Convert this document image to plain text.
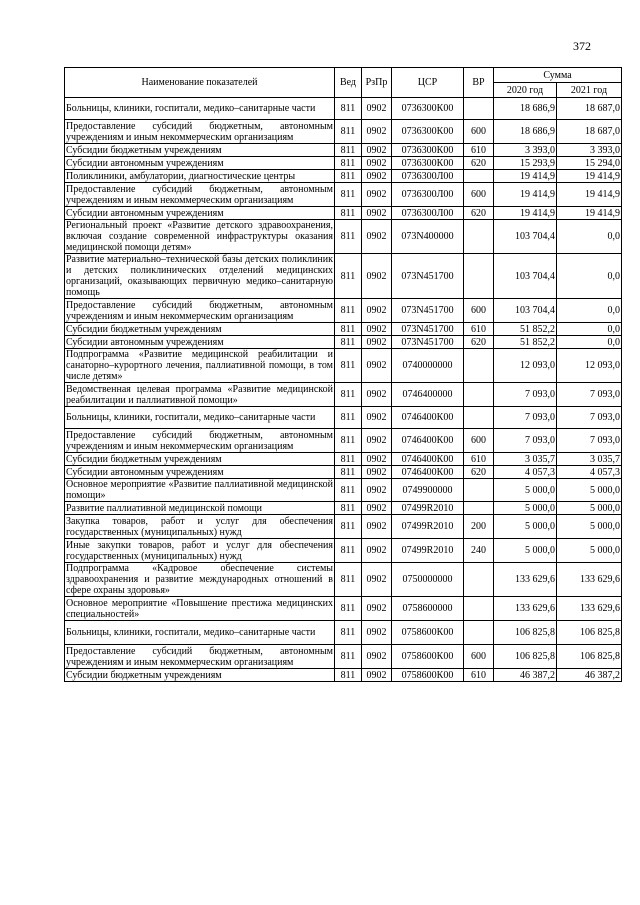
372
Наименование показателей	Вед	РзПр	ЦСР	ВР	Сумма	
					2020 год	2021 год
Больницы, клиники, госпитали, медико–санитарные части	811	0902	0736300К00		18 686,9	18 687,0
Предоставление субсидий бюджетным, автономным учреждениям и иным некоммерческим организациям	811	0902	0736300К00	600	18 686,9	18 687,0
Субсидии бюджетным учреждениям	811	0902	0736300К00	610	3 393,0	3 393,0
Субсидии автономным учреждениям	811	0902	0736300К00	620	15 293,9	15 294,0
Поликлиники, амбулатории, диагностические центры	811	0902	0736300Л00		19 414,9	19 414,9
Предоставление субсидий бюджетным, автономным учреждениям и иным некоммерческим организациям	811	0902	0736300Л00	600	19 414,9	19 414,9
Субсидии автономным учреждениям	811	0902	0736300Л00	620	19 414,9	19 414,9
Региональный проект «Развитие детского здравоохранения, включая создание современной инфраструктуры оказания медицинской помощи детям»	811	0902	073N400000		103 704,4	0,0
Развитие материально–технической базы детских поликлиник и детских поликлинических отделений медицинских организаций, оказывающих первичную медико–санитарную помощь	811	0902	073N451700		103 704,4	0,0
Предоставление субсидий бюджетным, автономным учреждениям и иным некоммерческим организациям	811	0902	073N451700	600	103 704,4	0,0
Субсидии бюджетным учреждениям	811	0902	073N451700	610	51 852,2	0,0
Субсидии автономным учреждениям	811	0902	073N451700	620	51 852,2	0,0
Подпрограмма «Развитие медицинской реабилитации и санаторно–курортного лечения, паллиативной помощи, в том числе детям»	811	0902	0740000000		12 093,0	12 093,0
Ведомственная целевая программа «Развитие медицинской реабилитации и паллиативной помощи»	811	0902	0746400000		7 093,0	7 093,0
Больницы, клиники, госпитали, медико–санитарные части	811	0902	0746400К00		7 093,0	7 093,0
Предоставление субсидий бюджетным, автономным учреждениям и иным некоммерческим организациям	811	0902	0746400К00	600	7 093,0	7 093,0
Субсидии бюджетным учреждениям	811	0902	0746400К00	610	3 035,7	3 035,7
Субсидии автономным учреждениям	811	0902	0746400К00	620	4 057,3	4 057,3
Основное мероприятие «Развитие паллиативной медицинской помощи»	811	0902	0749900000		5 000,0	5 000,0
Развитие паллиативной медицинской помощи	811	0902	07499R2010		5 000,0	5 000,0
Закупка товаров, работ и услуг для обеспечения государственных (муниципальных) нужд	811	0902	07499R2010	200	5 000,0	5 000,0
Иные закупки товаров, работ и услуг для обеспечения государственных (муниципальных) нужд	811	0902	07499R2010	240	5 000,0	5 000,0
Подпрограмма «Кадровое обеспечение системы здравоохранения и развитие международных отношений в сфере охраны здоровья»	811	0902	0750000000		133 629,6	133 629,6
Основное мероприятие «Повышение престижа медицинских специальностей»	811	0902	0758600000		133 629,6	133 629,6
Больницы, клиники, госпитали, медико–санитарные части	811	0902	0758600К00		106 825,8	106 825,8
Предоставление субсидий бюджетным, автономным учреждениям и иным некоммерческим организациям	811	0902	0758600К00	600	106 825,8	106 825,8
Субсидии бюджетным учреждениям	811	0902	0758600К00	610	46 387,2	46 387,2
